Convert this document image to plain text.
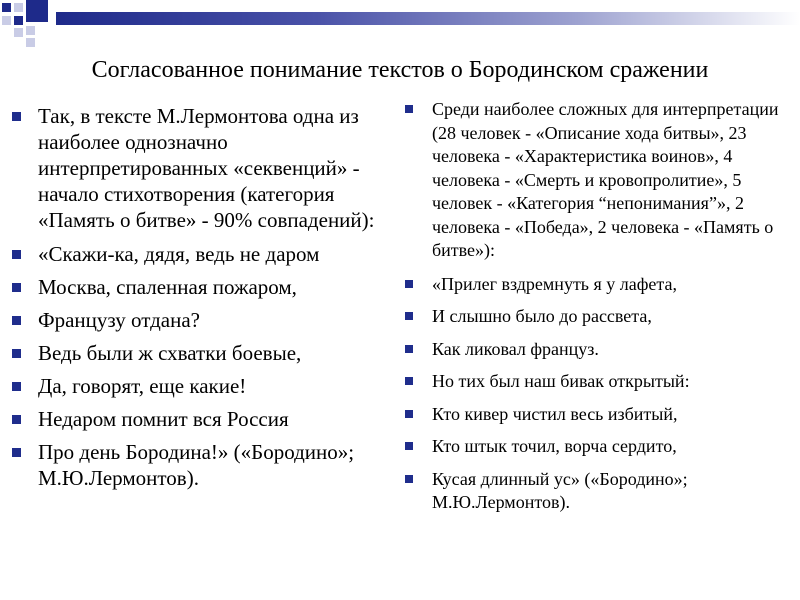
Согласованное понимание текстов о Бородинском сражении
Так, в тексте М.Лермонтова одна из наиболее однозначно интерпретированных «секвенций» - начало стихотворения (категория «Память о битве» - 90% совпадений):
«Скажи-ка, дядя, ведь не даром
Москва, спаленная пожаром,
Французу отдана?
Ведь были ж схватки боевые,
Да, говорят, еще какие!
Недаром помнит вся Россия
Про день Бородина!» («Бородино»; М.Ю.Лермонтов).
Среди наиболее сложных для интерпретации (28 человек - «Описание хода битвы», 23 человека - «Характеристика воинов», 4 человека - «Смерть и кровопролитие», 5 человек - «Категория “непонимания”», 2 человека - «Победа», 2 человека - «Память о битве»):
«Прилег вздремнуть я у лафета,
И слышно было до рассвета,
Как ликовал француз.
Но тих был наш бивак открытый:
Кто кивер чистил весь избитый,
Кто штык точил, ворча сердито,
Кусая длинный ус» («Бородино»; М.Ю.Лермонтов).
